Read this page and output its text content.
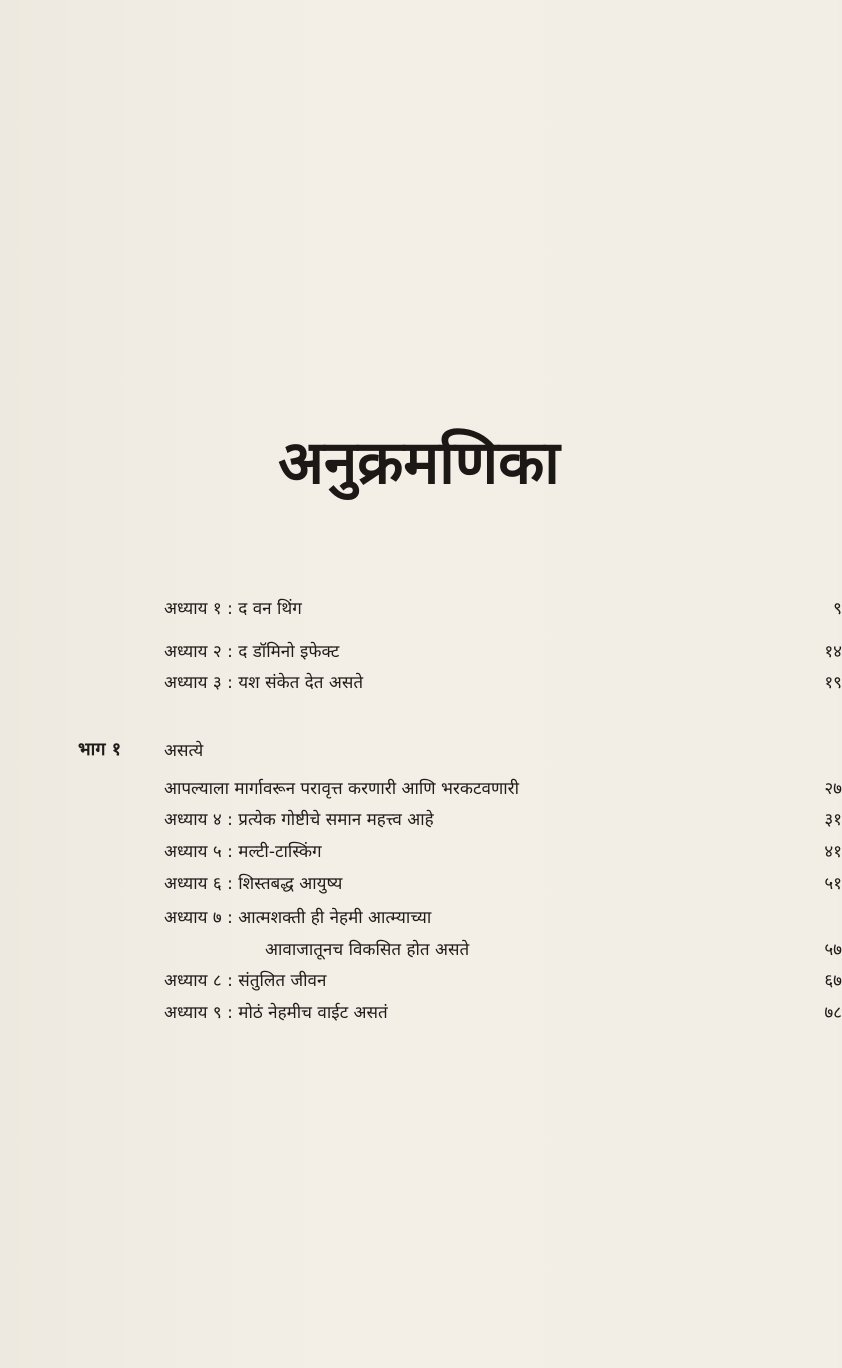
अनुक्रमणिका
अध्याय १ : द वन थिंग	९
अध्याय २ : द डॉमिनो इफेक्ट	१४
अध्याय ३ : यश संकेत देत असते	१९
भाग १	असत्ये
आपल्याला मार्गावरून परावृत्त करणारी आणि भरकटवणारी	२७
अध्याय ४ : प्रत्येक गोष्टीचे समान महत्त्व आहे	३१
अध्याय ५ : मल्टी-टास्किंग	४१
अध्याय ६ : शिस्तबद्ध आयुष्य	५१
अध्याय ७ : आत्मशक्ती ही नेहमी आत्म्याच्या
आवाजातूनच विकसित होत असते	५७
अध्याय ८ : संतुलित जीवन	६७
अध्याय ९ : मोठं नेहमीच वाईट असतं	७८
